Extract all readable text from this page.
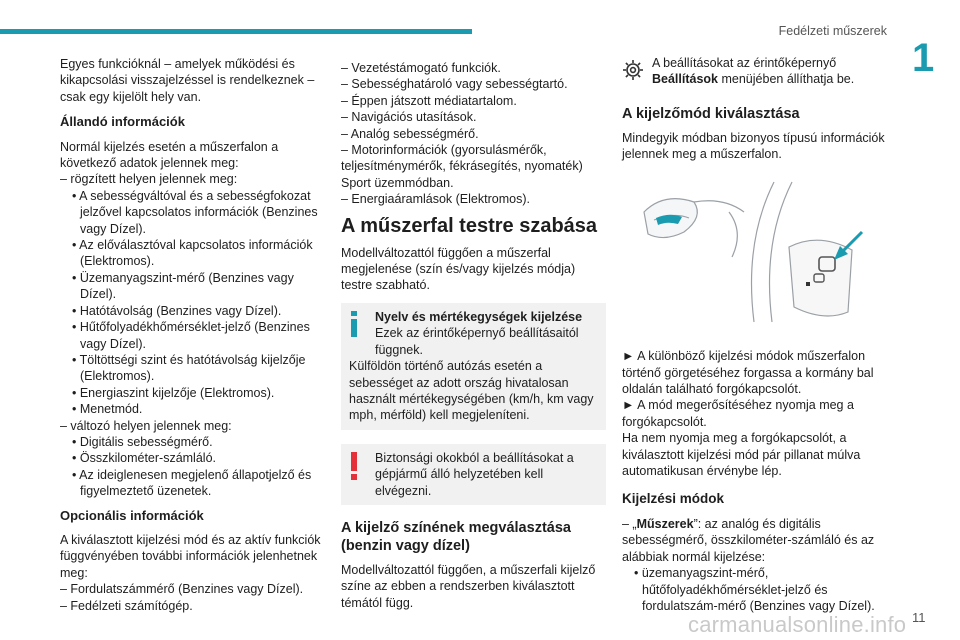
Fedélzeti műszerek
1

Egyes funkcióknál – amelyek működési és kikapcsolási visszajelzéssel is rendelkeznek – csak egy kijelölt hely van.

Állandó információk
Normál kijelzés esetén a műszerfalon a következő adatok jelennek meg:
– rögzített helyen jelennek meg:
• A sebességváltóval és a sebességfokozat jelzővel kapcsolatos információk (Benzines vagy Dízel).
• Az előválasztóval kapcsolatos információk (Elektromos).
• Üzemanyagszint-mérő (Benzines vagy Dízel).
• Hatótávolság (Benzines vagy Dízel).
• Hűtőfolyadékhőmérséklet-jelző (Benzines vagy Dízel).
• Töltöttségi szint és hatótávolság kijelzője (Elektromos).
• Energiaszint kijelzője (Elektromos).
• Menetmód.
– változó helyen jelennek meg:
• Digitális sebességmérő.
• Összkilométer-számláló.
• Az ideiglenesen megjelenő állapotjelző és figyelmeztető üzenetek.
Opcionális információk
A kiválasztott kijelzési mód és az aktív funkciók függvényében további információk jelenhetnek meg:
– Fordulatszámmérő (Benzines vagy Dízel).
– Fedélzeti számítógép.
– Vezetéstámogató funkciók.
– Sebességhatároló vagy sebességtartó.
– Éppen játszott médiatartalom.
– Navigációs utasítások.
– Analóg sebességmérő.
– Motorinformációk (gyorsulásmérők, teljesítménymérők, fékrásegítés, nyomaték) Sport üzemmódban.
– Energiaáramlások (Elektromos).
A műszerfal testre szabása

Modellváltozattól függően a műszerfal megjelenése (szín és/vagy kijelzés módja) testre szabható.

Nyelv és mértékegységek kijelzése
Ezek az érintőképernyő beállításaitól függnek.
Külföldön történő autózás esetén a sebességet az adott ország hivatalosan használt mértékegységében (km/h, km vagy mph, mérföld) kell megjeleníteni.
Biztonsági okokból a beállításokat a gépjármű álló helyzetében kell elvégezni.
A kijelző színének megválasztása (benzin vagy dízel)

Modellváltozattól függően, a műszerfali kijelző színe az ebben a rendszerben kiválasztott témától függ.

A beállításokat az érintőképernyő Beállítások menüjében állíthatja be.
A kijelzőmód kiválasztása

Mindegyik módban bizonyos típusú információk jelennek meg a műszerfalon.

► A különböző kijelzési módok műszerfalon történő görgetéséhez forgassa a kormány bal oldalán található forgókapcsolót.
► A mód megerősítéséhez nyomja meg a forgókapcsolót.
Ha nem nyomja meg a forgókapcsolót, a kiválasztott kijelzési mód pár pillanat múlva automatikusan érvénybe lép.
Kijelzési módok
– „Műszerek”: az analóg és digitális sebességmérő, összkilométer-számláló és az alábbiak normál kijelzése:
• üzemanyagszint-mérő, hűtőfolyadékhőmérséklet-jelző és fordulatszám-mérő (Benzines vagy Dízel).
carmanualsonline.info 11
